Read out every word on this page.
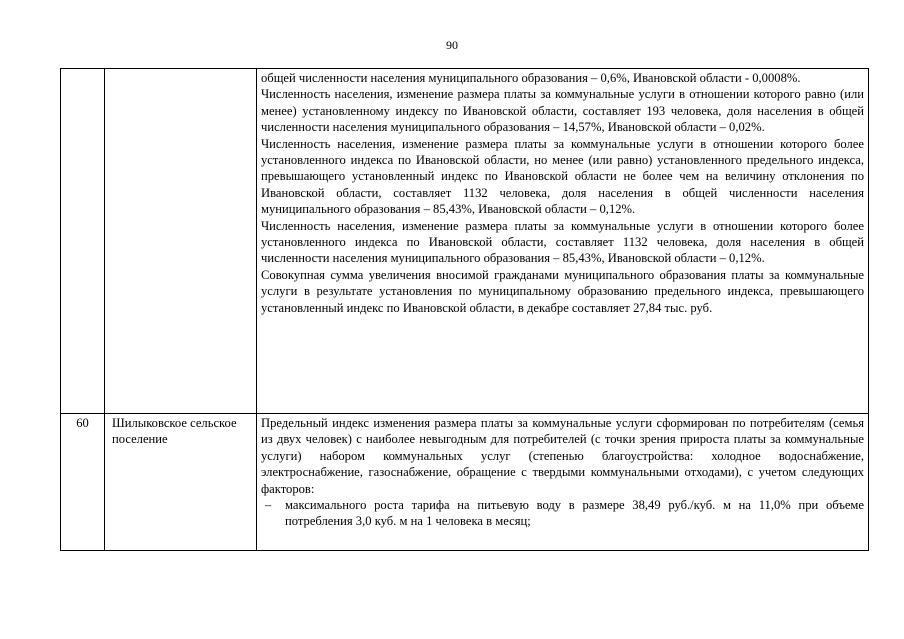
90

		общей численности населения муниципального образования – 0,6%, Ивановской области - 0,0008%.

Численность населения, изменение размера платы за коммунальные услуги в отношении которого равно (или менее) установленному индексу по Ивановской области, составляет 193 человека, доля населения в общей численности населения муниципального образования – 14,57%, Ивановской области – 0,02%.

Численность населения, изменение размера платы за коммунальные услуги в отношении которого более установленного индекса по Ивановской области, но менее (или равно) установленного предельного индекса, превышающего установленный индекс по Ивановской области не более чем на величину отклонения по Ивановской области, составляет 1132 человека, доля населения в общей численности населения муниципального образования – 85,43%, Ивановской области – 0,12%.

Численность населения, изменение размера платы за коммунальные услуги в отношении которого более установленного индекса по Ивановской области, составляет 1132 человека, доля населения в общей численности населения муниципального образования – 85,43%, Ивановской области – 0,12%.

Совокупная сумма увеличения вносимой гражданами муниципального образования платы за коммунальные услуги в результате установления по муниципальному образованию предельного индекса, превышающего установленный индекс по Ивановской области, в декабре составляет 27,84 тыс. руб.

60	Шилыковское сельское поселение	Предельный индекс изменения размера платы за коммунальные услуги сформирован по потребителям (семья из двух человек) с наиболее невыгодным для потребителей (с точки зрения прироста платы за коммунальные услуги) набором коммунальных услуг (степенью благоустройства: холодное водоснабжение, электроснабжение, газоснабжение, обращение с твердыми коммунальными отходами), с учетом следующих факторов:

– максимального роста тарифа на питьевую воду в размере 38,49 руб./куб. м на 11,0% при объеме потребления 3,0 куб. м на 1 человека в месяц;
